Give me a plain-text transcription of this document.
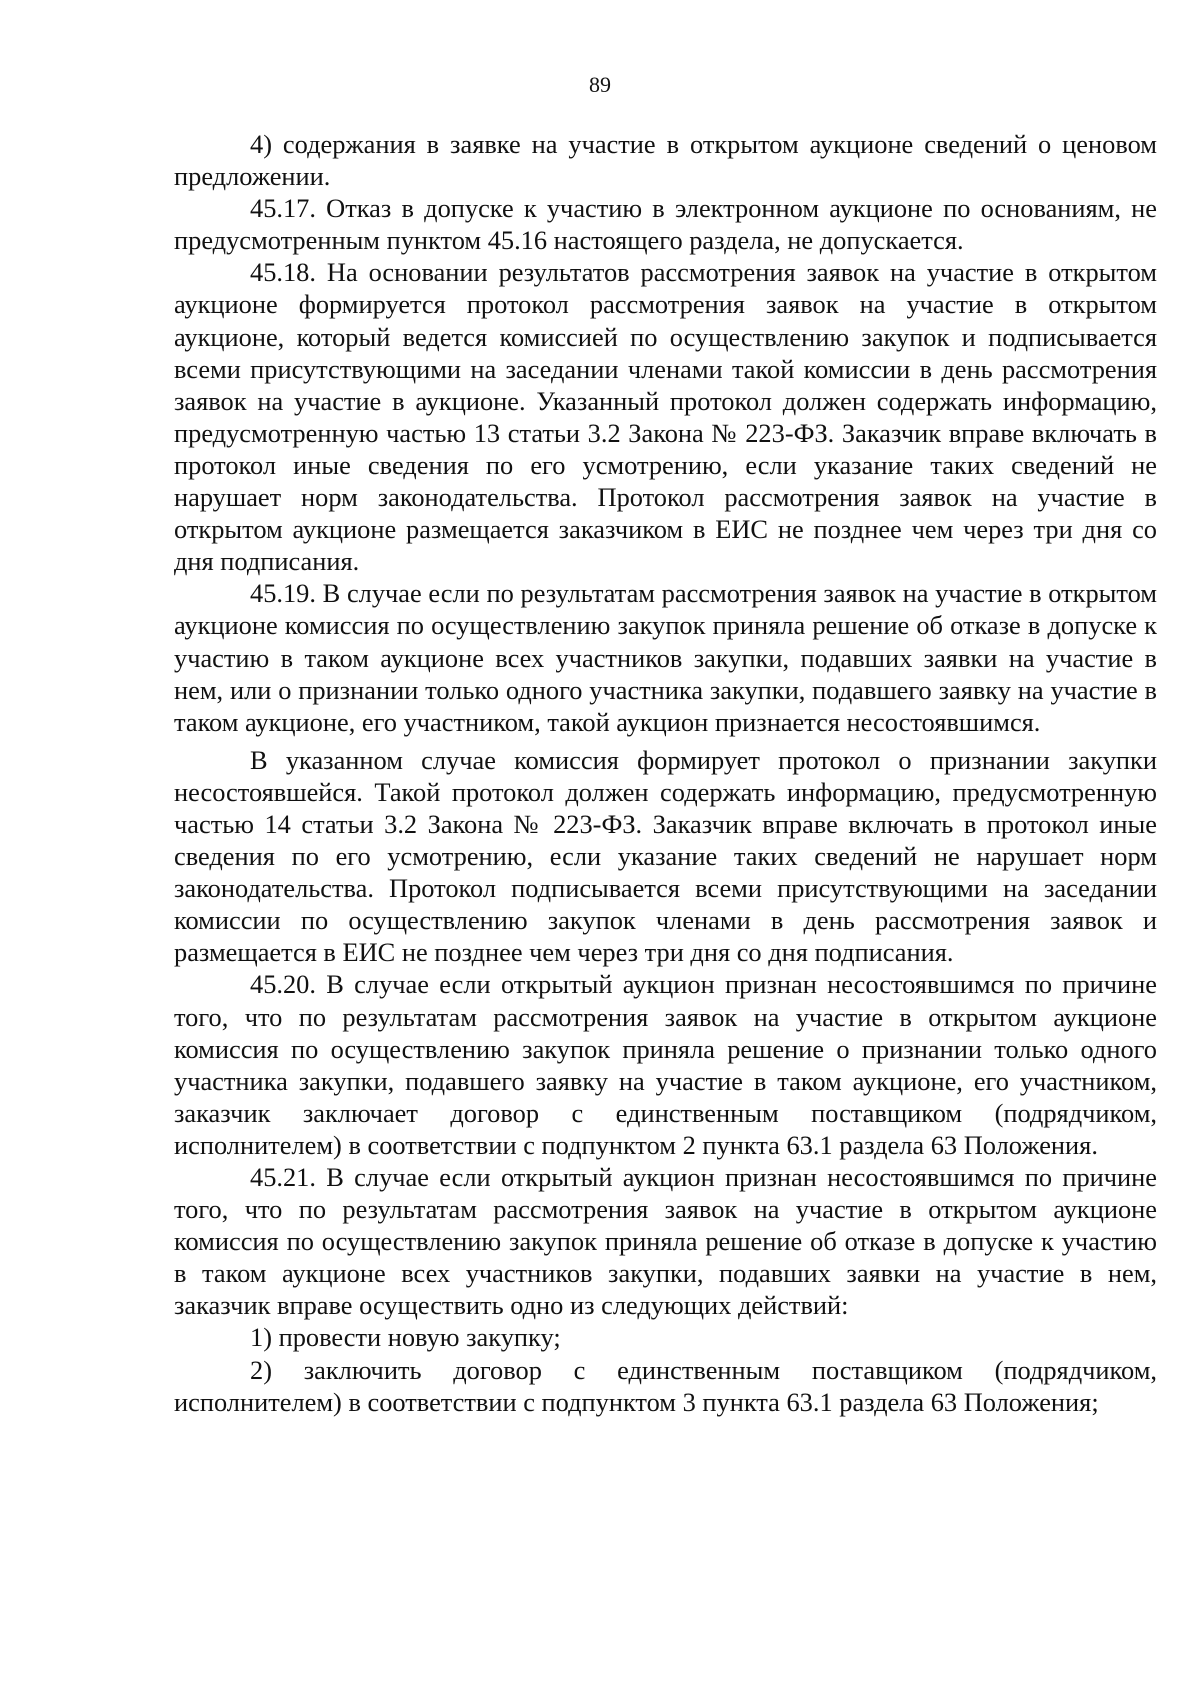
89

4) содержания в заявке на участие в открытом аукционе сведений о ценовом предложении.

45.17. Отказ в допуске к участию в электронном аукционе по основаниям, не предусмотренным пунктом 45.16 настоящего раздела, не допускается.

45.18. На основании результатов рассмотрения заявок на участие в открытом аукционе формируется протокол рассмотрения заявок на участие в открытом аукционе, который ведется комиссией по осуществлению закупок и подписывается всеми присутствующими на заседании членами такой комиссии в день рассмотрения заявок на участие в аукционе. Указанный протокол должен содержать информацию, предусмотренную частью 13 статьи 3.2 Закона № 223-ФЗ. Заказчик вправе включать в протокол иные сведения по его усмотрению, если указание таких сведений не нарушает норм законодательства. Протокол рассмотрения заявок на участие в открытом аукционе размещается заказчиком в ЕИС не позднее чем через три дня со дня подписания.

45.19. В случае если по результатам рассмотрения заявок на участие в открытом аукционе комиссия по осуществлению закупок приняла решение об отказе в допуске к участию в таком аукционе всех участников закупки, подавших заявки на участие в нем, или о признании только одного участника закупки, подавшего заявку на участие в таком аукционе, его участником, такой аукцион признается несостоявшимся.

В указанном случае комиссия формирует протокол о признании закупки несостоявшейся. Такой протокол должен содержать информацию, предусмотренную частью 14 статьи 3.2 Закона № 223-ФЗ. Заказчик вправе включать в протокол иные сведения по его усмотрению, если указание таких сведений не нарушает норм законодательства. Протокол подписывается всеми присутствующими на заседании комиссии по осуществлению закупок членами в день рассмотрения заявок и размещается в ЕИС не позднее чем через три дня со дня подписания.

45.20. В случае если открытый аукцион признан несостоявшимся по причине того, что по результатам рассмотрения заявок на участие в открытом аукционе комиссия по осуществлению закупок приняла решение о признании только одного участника закупки, подавшего заявку на участие в таком аукционе, его участником, заказчик заключает договор с единственным поставщиком (подрядчиком, исполнителем) в соответствии с подпунктом 2 пункта 63.1 раздела 63 Положения.

45.21. В случае если открытый аукцион признан несостоявшимся по причине того, что по результатам рассмотрения заявок на участие в открытом аукционе комиссия по осуществлению закупок приняла решение об отказе в допуске к участию в таком аукционе всех участников закупки, подавших заявки на участие в нем, заказчик вправе осуществить одно из следующих действий:

1) провести новую закупку;

2) заключить договор с единственным поставщиком (подрядчиком, исполнителем) в соответствии с подпунктом 3 пункта 63.1 раздела 63 Положения;
